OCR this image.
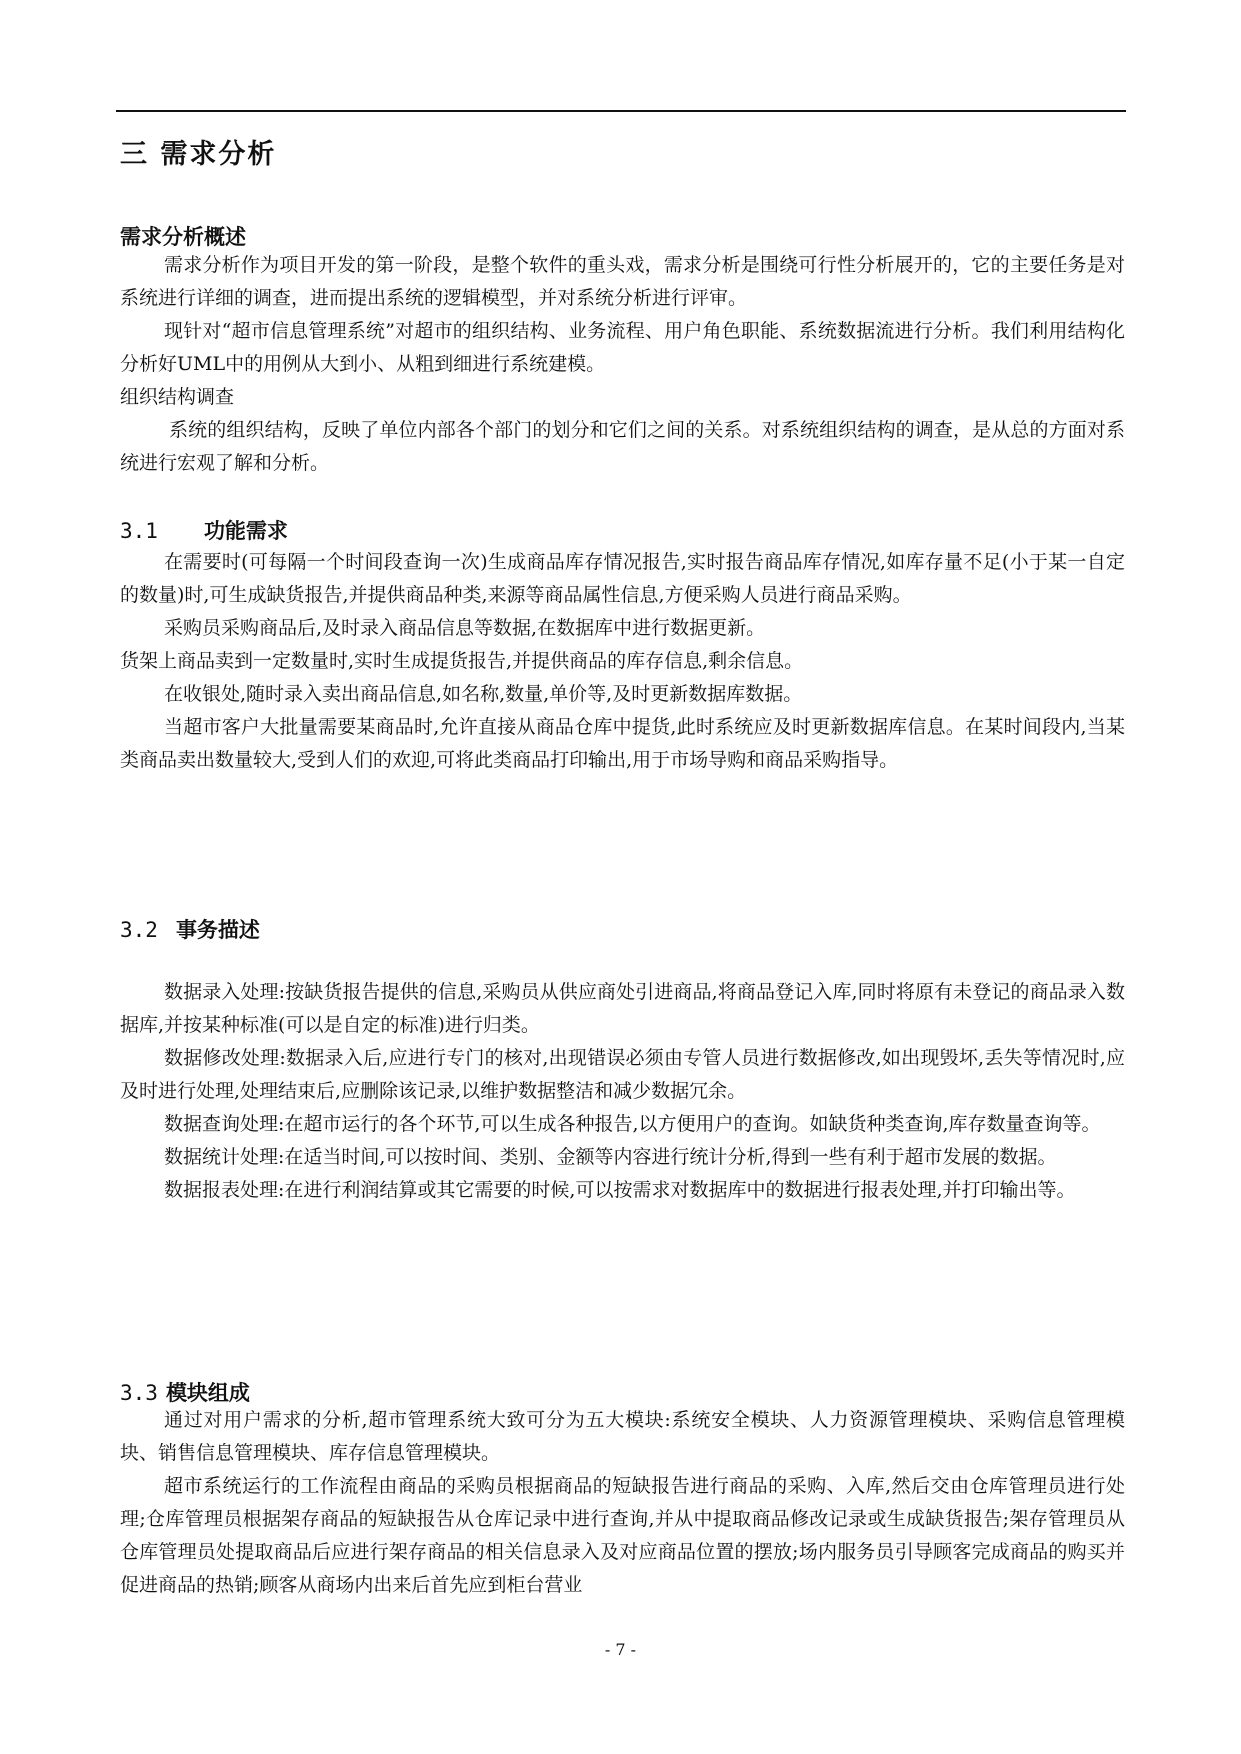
三 需求分析
需求分析概述

需求分析作为项目开发的第一阶段，是整个软件的重头戏，需求分析是围绕可行性分析展开的，它的主要任务是对系统进行详细的调查，进而提出系统的逻辑模型，并对系统分析进行评审。

现针对“超市信息管理系统”对超市的组织结构、业务流程、用户角色职能、系统数据流进行分析。我们利用结构化分析好UML中的用例从大到小、从粗到细进行系统建模。

组织结构调查

系统的组织结构，反映了单位内部各个部门的划分和它们之间的关系。对系统组织结构的调查，是从总的方面对系统进行宏观了解和分析。

3.1 功能需求

在需要时(可每隔一个时间段查询一次)生成商品库存情况报告,实时报告商品库存情况,如库存量不足(小于某一自定的数量)时,可生成缺货报告,并提供商品种类,来源等商品属性信息,方便采购人员进行商品采购。

采购员采购商品后,及时录入商品信息等数据,在数据库中进行数据更新。

货架上商品卖到一定数量时,实时生成提货报告,并提供商品的库存信息,剩余信息。

在收银处,随时录入卖出商品信息,如名称,数量,单价等,及时更新数据库数据。

当超市客户大批量需要某商品时,允许直接从商品仓库中提货,此时系统应及时更新数据库信息。在某时间段内,当某类商品卖出数量较大,受到人们的欢迎,可将此类商品打印输出,用于市场导购和商品采购指导。

3.2 事务描述

数据录入处理:按缺货报告提供的信息,采购员从供应商处引进商品,将商品登记入库,同时将原有未登记的商品录入数据库,并按某种标准(可以是自定的标准)进行归类。

数据修改处理:数据录入后,应进行专门的核对,出现错误必须由专管人员进行数据修改,如出现毁坏,丢失等情况时,应及时进行处理,处理结束后,应删除该记录,以维护数据整洁和减少数据冗余。

数据查询处理:在超市运行的各个环节,可以生成各种报告,以方便用户的查询。如缺货种类查询,库存数量查询等。

数据统计处理:在适当时间,可以按时间、类别、金额等内容进行统计分析,得到一些有利于超市发展的数据。

数据报表处理:在进行利润结算或其它需要的时候,可以按需求对数据库中的数据进行报表处理,并打印输出等。

3.3 模块组成

通过对用户需求的分析,超市管理系统大致可分为五大模块:系统安全模块、人力资源管理模块、采购信息管理模块、销售信息管理模块、库存信息管理模块。

超市系统运行的工作流程由商品的采购员根据商品的短缺报告进行商品的采购、入库,然后交由仓库管理员进行处理;仓库管理员根据架存商品的短缺报告从仓库记录中进行查询,并从中提取商品修改记录或生成缺货报告;架存管理员从仓库管理员处提取商品后应进行架存商品的相关信息录入及对应商品位置的摆放;场内服务员引导顾客完成商品的购买并促进商品的热销;顾客从商场内出来后首先应到柜台营业

- 7 -
